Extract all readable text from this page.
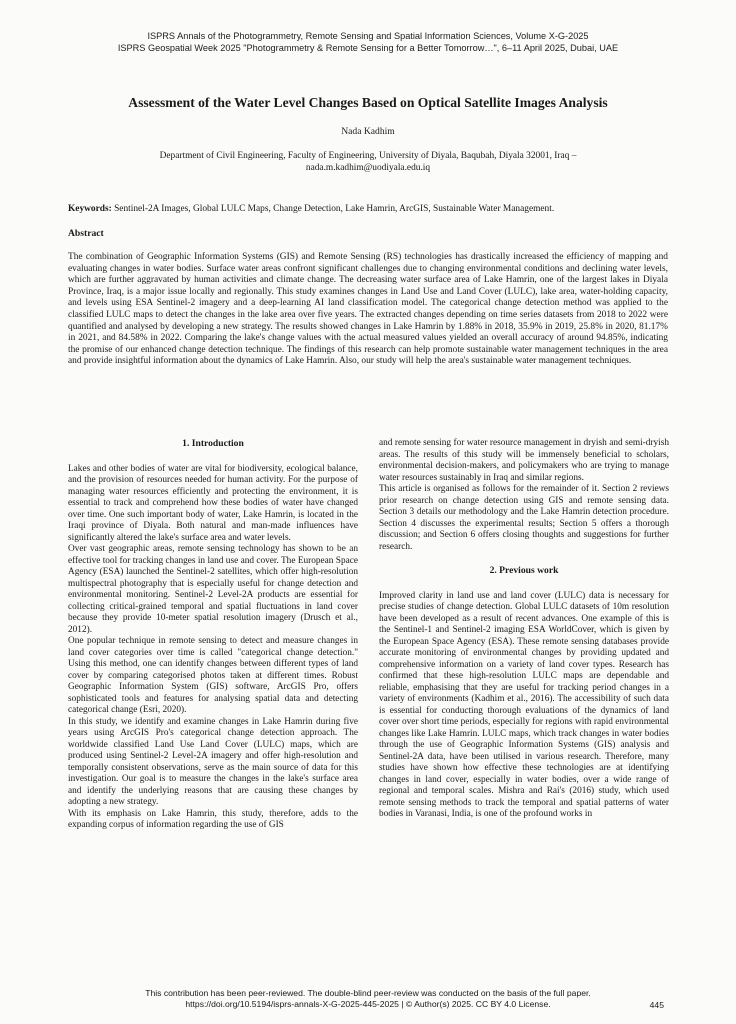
ISPRS Annals of the Photogrammetry, Remote Sensing and Spatial Information Sciences, Volume X-G-2025
ISPRS Geospatial Week 2025 "Photogrammetry & Remote Sensing for a Better Tomorrow…", 6–11 April 2025, Dubai, UAE
Assessment of the Water Level Changes Based on Optical Satellite Images Analysis
Nada Kadhim
Department of Civil Engineering, Faculty of Engineering, University of Diyala, Baqubah, Diyala 32001, Iraq –
nada.m.kadhim@uodiyala.edu.iq
Keywords: Sentinel-2A Images, Global LULC Maps, Change Detection, Lake Hamrin, ArcGIS, Sustainable Water Management.
Abstract
The combination of Geographic Information Systems (GIS) and Remote Sensing (RS) technologies has drastically increased the efficiency of mapping and evaluating changes in water bodies. Surface water areas confront significant challenges due to changing environmental conditions and declining water levels, which are further aggravated by human activities and climate change. The decreasing water surface area of Lake Hamrin, one of the largest lakes in Diyala Province, Iraq, is a major issue locally and regionally. This study examines changes in Land Use and Land Cover (LULC), lake area, water-holding capacity, and levels using ESA Sentinel-2 imagery and a deep-learning AI land classification model. The categorical change detection method was applied to the classified LULC maps to detect the changes in the lake area over five years. The extracted changes depending on time series datasets from 2018 to 2022 were quantified and analysed by developing a new strategy. The results showed changes in Lake Hamrin by 1.88% in 2018, 35.9% in 2019, 25.8% in 2020, 81.17% in 2021, and 84.58% in 2022. Comparing the lake's change values with the actual measured values yielded an overall accuracy of around 94.85%, indicating the promise of our enhanced change detection technique. The findings of this research can help promote sustainable water management techniques in the area and provide insightful information about the dynamics of Lake Hamrin. Also, our study will help the area's sustainable water management techniques.
1. Introduction

Lakes and other bodies of water are vital for biodiversity, ecological balance, and the provision of resources needed for human activity. For the purpose of managing water resources efficiently and protecting the environment, it is essential to track and comprehend how these bodies of water have changed over time. One such important body of water, Lake Hamrin, is located in the Iraqi province of Diyala. Both natural and man-made influences have significantly altered the lake's surface area and water levels.

Over vast geographic areas, remote sensing technology has shown to be an effective tool for tracking changes in land use and cover. The European Space Agency (ESA) launched the Sentinel-2 satellites, which offer high-resolution multispectral photography that is especially useful for change detection and environmental monitoring. Sentinel-2 Level-2A products are essential for collecting critical-grained temporal and spatial fluctuations in land cover because they provide 10-meter spatial resolution imagery (Drusch et al., 2012).

One popular technique in remote sensing to detect and measure changes in land cover categories over time is called "categorical change detection." Using this method, one can identify changes between different types of land cover by comparing categorised photos taken at different times. Robust Geographic Information System (GIS) software, ArcGIS Pro, offers sophisticated tools and features for analysing spatial data and detecting categorical change (Esri, 2020).

In this study, we identify and examine changes in Lake Hamrin during five years using ArcGIS Pro's categorical change detection approach. The worldwide classified Land Use Land Cover (LULC) maps, which are produced using Sentinel-2 Level-2A imagery and offer high-resolution and temporally consistent observations, serve as the main source of data for this investigation. Our goal is to measure the changes in the lake's surface area and identify the underlying reasons that are causing these changes by adopting a new strategy.

With its emphasis on Lake Hamrin, this study, therefore, adds to the expanding corpus of information regarding the use of GIS

and remote sensing for water resource management in dryish and semi-dryish areas. The results of this study will be immensely beneficial to scholars, environmental decision-makers, and policymakers who are trying to manage water resources sustainably in Iraq and similar regions.

This article is organised as follows for the remainder of it. Section 2 reviews prior research on change detection using GIS and remote sensing data. Section 3 details our methodology and the Lake Hamrin detection procedure. Section 4 discusses the experimental results; Section 5 offers a thorough discussion; and Section 6 offers closing thoughts and suggestions for further research.

2. Previous work

Improved clarity in land use and land cover (LULC) data is necessary for precise studies of change detection. Global LULC datasets of 10m resolution have been developed as a result of recent advances. One example of this is the Sentinel-1 and Sentinel-2 imaging ESA WorldCover, which is given by the European Space Agency (ESA). These remote sensing databases provide accurate monitoring of environmental changes by providing updated and comprehensive information on a variety of land cover types. Research has confirmed that these high-resolution LULC maps are dependable and reliable, emphasising that they are useful for tracking period changes in a variety of environments (Kadhim et al., 2016). The accessibility of such data is essential for conducting thorough evaluations of the dynamics of land cover over short time periods, especially for regions with rapid environmental changes like Lake Hamrin. LULC maps, which track changes in water bodies through the use of Geographic Information Systems (GIS) analysis and Sentinel-2A data, have been utilised in various research. Therefore, many studies have shown how effective these technologies are at identifying changes in land cover, especially in water bodies, over a wide range of regional and temporal scales. Mishra and Rai's (2016) study, which used remote sensing methods to track the temporal and spatial patterns of water bodies in Varanasi, India, is one of the profound works in

This contribution has been peer-reviewed. The double-blind peer-review was conducted on the basis of the full paper.
https://doi.org/10.5194/isprs-annals-X-G-2025-445-2025 | © Author(s) 2025. CC BY 4.0 License.	445
